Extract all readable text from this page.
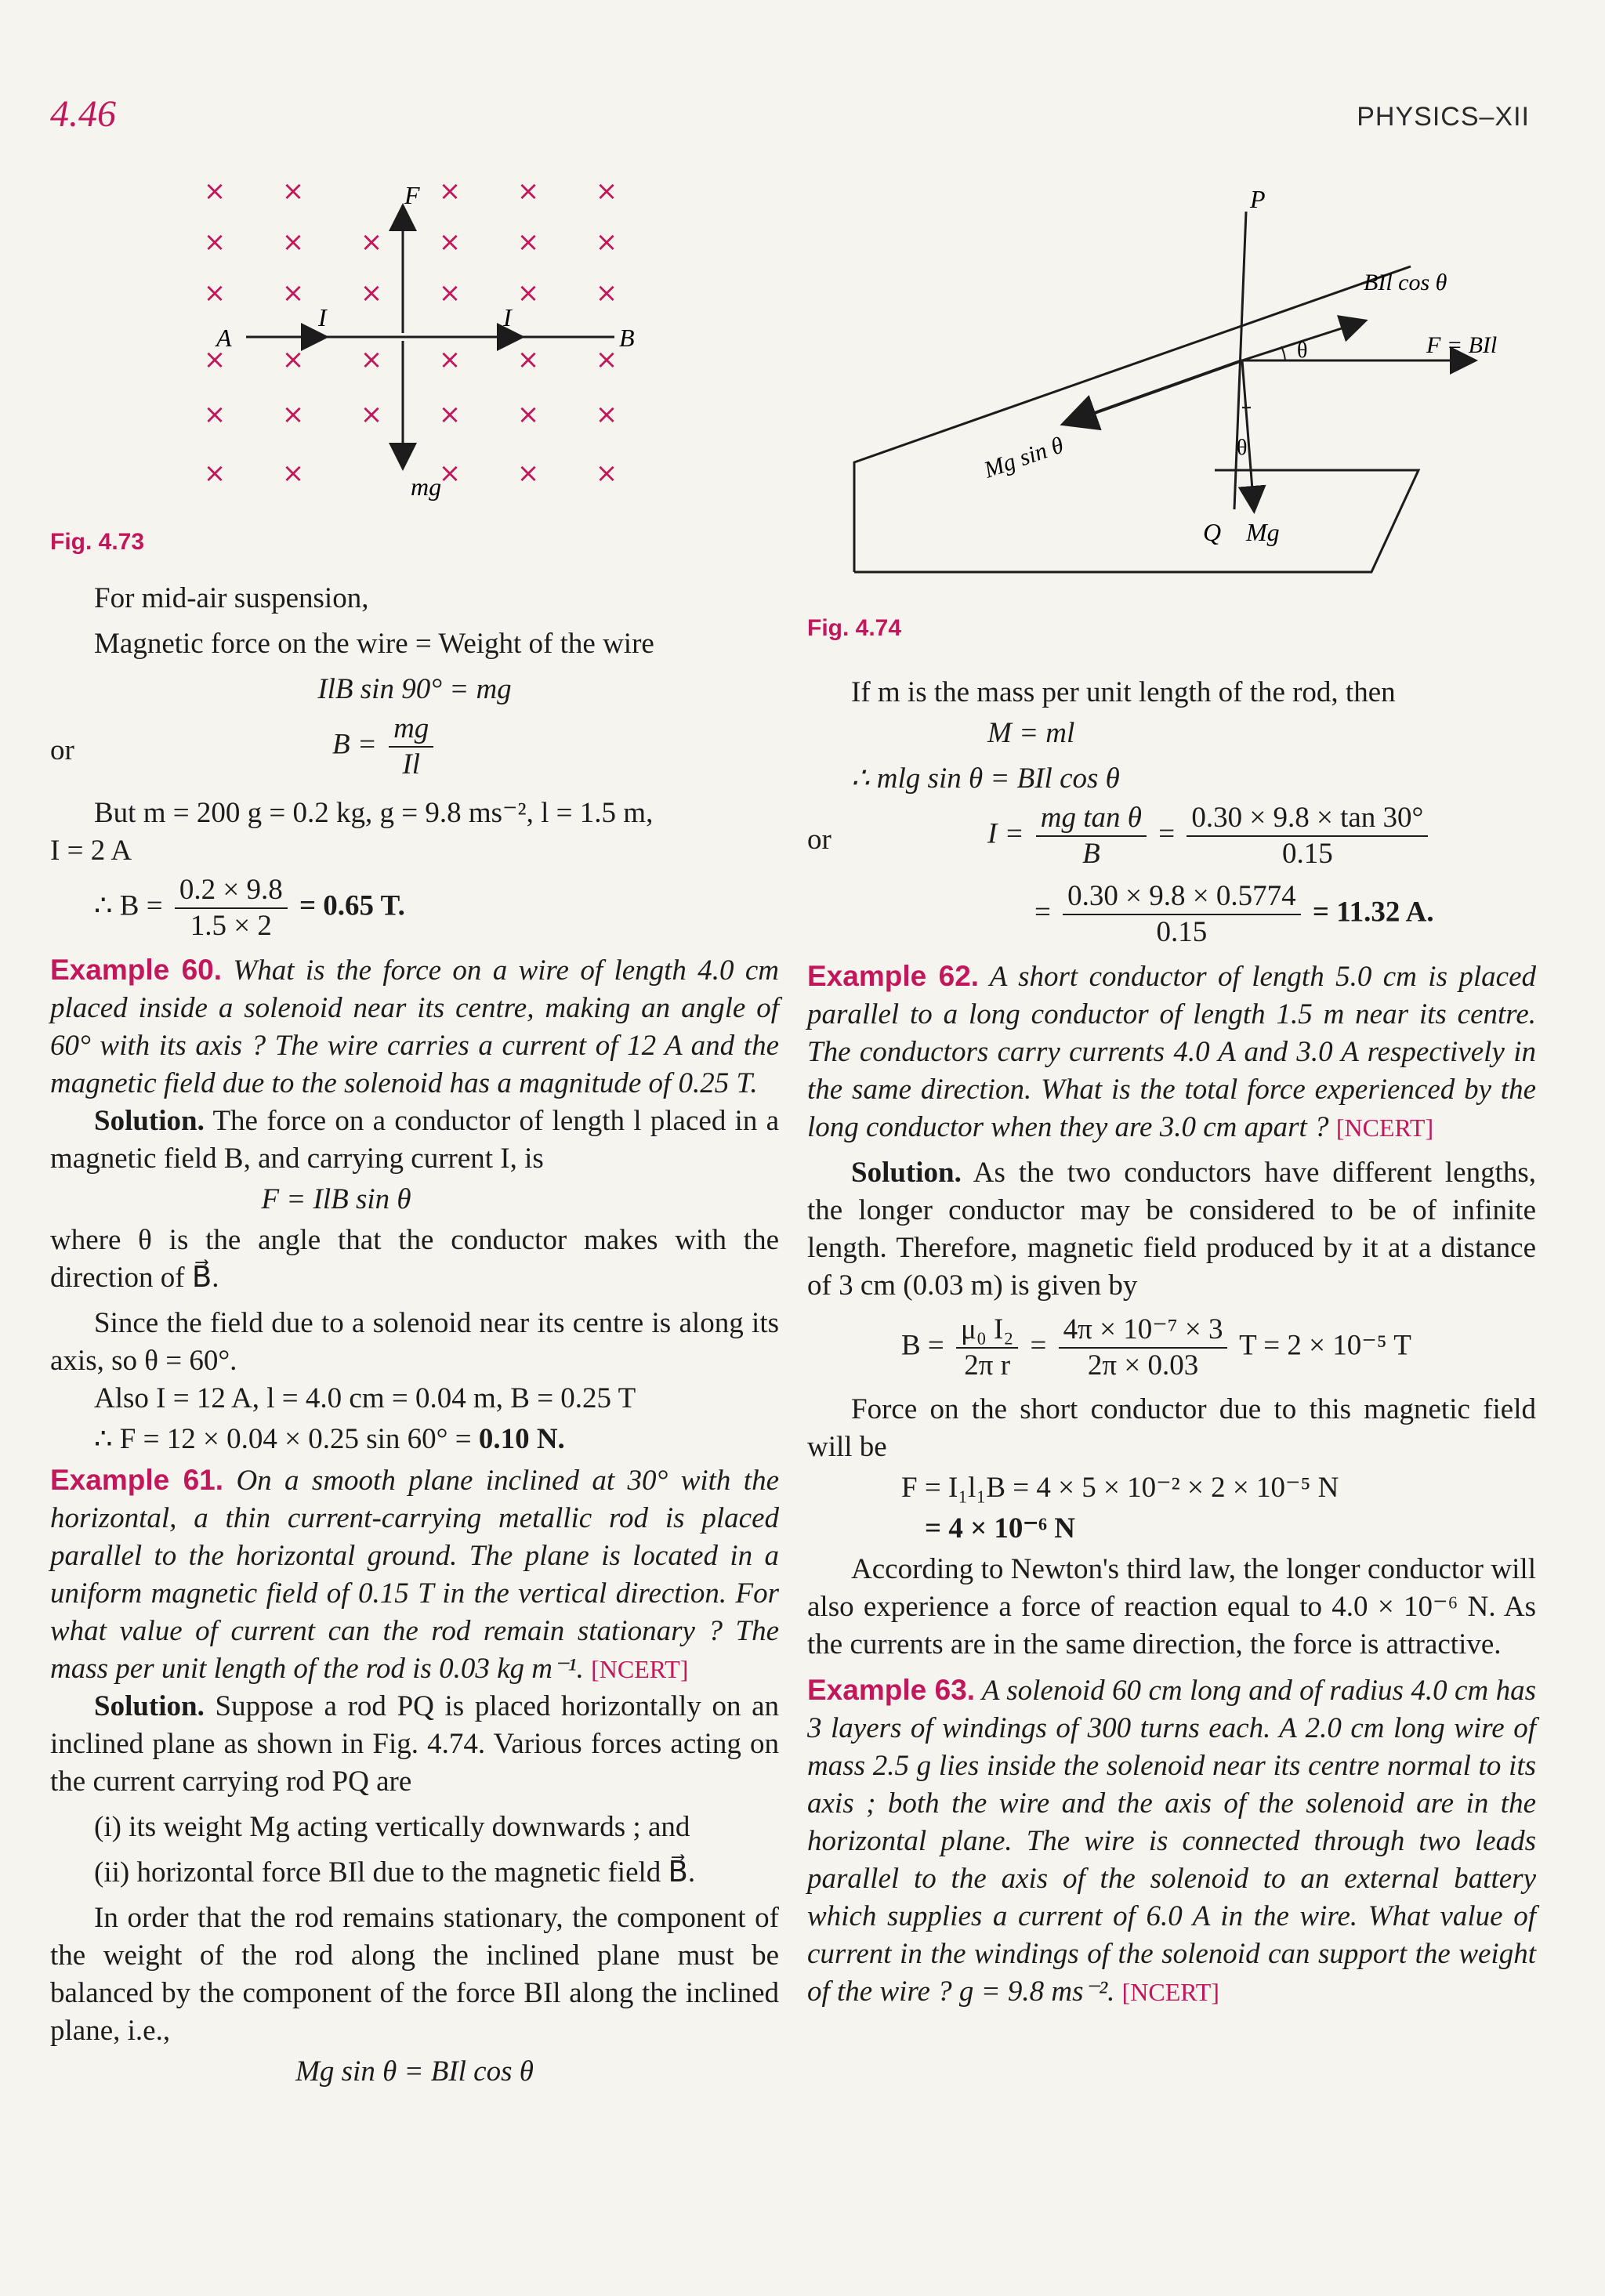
4.46	PHYSICS–XII
× ×	× × ×
× × × × × ×
× × × × × ×
× × × × × ×
× × × × × ×
× ×	× × ×
F
mg
I	I
A	B
Fig. 4.73
P
Q Mg
BIl cos θ
F = BIl
θ
θ
Mg sin θ
Fig. 4.74

For mid-air suspension,

Magnetic force on the wire = Weight of the wire

IlB sin 90° = mg

or	$B = \frac{mg}{Il}$

But m = 200 g = 0.2 kg, g = 9.8 ms⁻², l = 1.5 m,

I = 2 A

∴ $B = \frac{0.2 \times 9.8}{1.5 \times 2} = 0.65$ T.

Example 60. What is the force on a wire of length 4.0 cm placed inside a solenoid near its centre, making an angle of 60° with its axis ? The wire carries a current of 12 A and the magnetic field due to the solenoid has a magnitude of 0.25 T.

Solution. The force on a conductor of length l placed in a magnetic field B, and carrying current I, is

F = IlB sin θ

where θ is the angle that the conductor makes with the direction of B⃗.

Since the field due to a solenoid near its centre is along its axis, so θ = 60°.

Also I = 12 A, l = 4.0 cm = 0.04 m, B = 0.25 T

∴ F = 12 × 0.04 × 0.25 sin 60° = 0.10 N.

Example 61. On a smooth plane inclined at 30° with the horizontal, a thin current-carrying metallic rod is placed parallel to the horizontal ground. The plane is located in a uniform magnetic field of 0.15 T in the vertical direction. For what value of current can the rod remain stationary ? The mass per unit length of the rod is 0.03 kg m⁻¹. [NCERT]

Solution. Suppose a rod PQ is placed horizontally on an inclined plane as shown in Fig. 4.74. Various forces acting on the current carrying rod PQ are

(i) its weight Mg acting vertically downwards ; and

(ii) horizontal force BIl due to the magnetic field B⃗.

In order that the rod remains stationary, the component of the weight of the rod along the inclined plane must be balanced by the component of the force BIl along the inclined plane, i.e.,

Mg sin θ = BIl cos θ

If m is the mass per unit length of the rod, then

M = ml

∴ mlg sin θ = BIl cos θ

or	$I = \frac{\text{mg tan θ}}{B} = \frac{0.30 \times 9.8 \times \tan 30^\circ}{0.15}$
= $\frac{0.30 \times 9.8 \times 0.5774}{0.15} = 11.32$ A.

Example 62. A short conductor of length 5.0 cm is placed parallel to a long conductor of length 1.5 m near its centre. The conductors carry currents 4.0 A and 3.0 A respectively in the same direction. What is the total force experienced by the long conductor when they are 3.0 cm apart ? [NCERT]

Solution. As the two conductors have different lengths, the longer conductor may be considered to be of infinite length. Therefore, magnetic field produced by it at a distance of 3 cm (0.03 m) is given by

$B = \frac{\text{μ₀ I₂}}{\text{2π r}} = \frac{\text{4π × 10⁻⁷ × 3}}{2\pi \times 0.03}$ T = 2 × 10⁻⁵ T

Force on the short conductor due to this magnetic field will be

F = I₁l₁B = 4 × 5 × 10⁻² × 2 × 10⁻⁵ N

= 4 × 10⁻⁶ N

According to Newton's third law, the longer conductor will also experience a force of reaction equal to 4.0 × 10⁻⁶ N. As the currents are in the same direction, the force is attractive.

Example 63. A solenoid 60 cm long and of radius 4.0 cm has 3 layers of windings of 300 turns each. A 2.0 cm long wire of mass 2.5 g lies inside the solenoid near its centre normal to its axis ; both the wire and the axis of the solenoid are in the horizontal plane. The wire is connected through two leads parallel to the axis of the solenoid to an external battery which supplies a current of 6.0 A in the wire. What value of current in the windings of the solenoid can support the weight of the wire ? g = 9.8 ms⁻². [NCERT]
